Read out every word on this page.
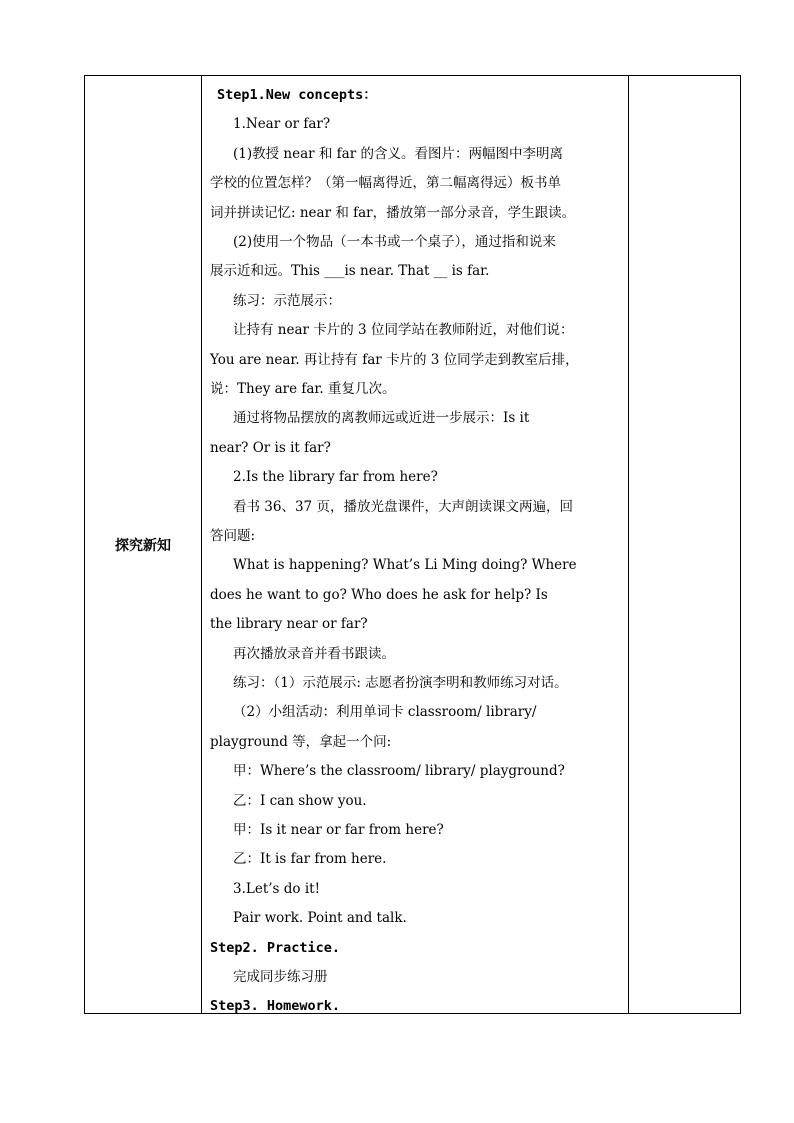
探究新知
Step1.New concepts：
1.Near or far?
(1)教授 near 和 far 的含义。看图片：两幅图中李明离
学校的位置怎样？（第一幅离得近，第二幅离得远）板书单
词并拼读记忆: near 和 far，播放第一部分录音，学生跟读。
(2)使用一个物品（一本书或一个桌子），通过指和说来
展示近和远。This ___is near. That __ is far.
练习：示范展示：
让持有 near 卡片的 3 位同学站在教师附近，对他们说：
You are near. 再让持有 far 卡片的 3 位同学走到教室后排，
说：They are far. 重复几次。
通过将物品摆放的离教师远或近进一步展示：Is it
near? Or is it far?
2.Is the library far from here?
看书 36、37 页，播放光盘课件，大声朗读课文两遍，回
答问题:
What is happening? What’s Li Ming doing? Where
does he want to go? Who does he ask for help? Is
the library near or far?
再次播放录音并看书跟读。
练习：（1）示范展示: 志愿者扮演李明和教师练习对话。
（2）小组活动：利用单词卡 classroom/ library/
playground 等，拿起一个问:
甲：Where’s the classroom/ library/ playground?
乙：I can show you.
甲：Is it near or far from here?
乙：It is far from here.
3.Let’s do it!
Pair work. Point and talk.
Step2. Practice.
完成同步练习册
Step3. Homework.
